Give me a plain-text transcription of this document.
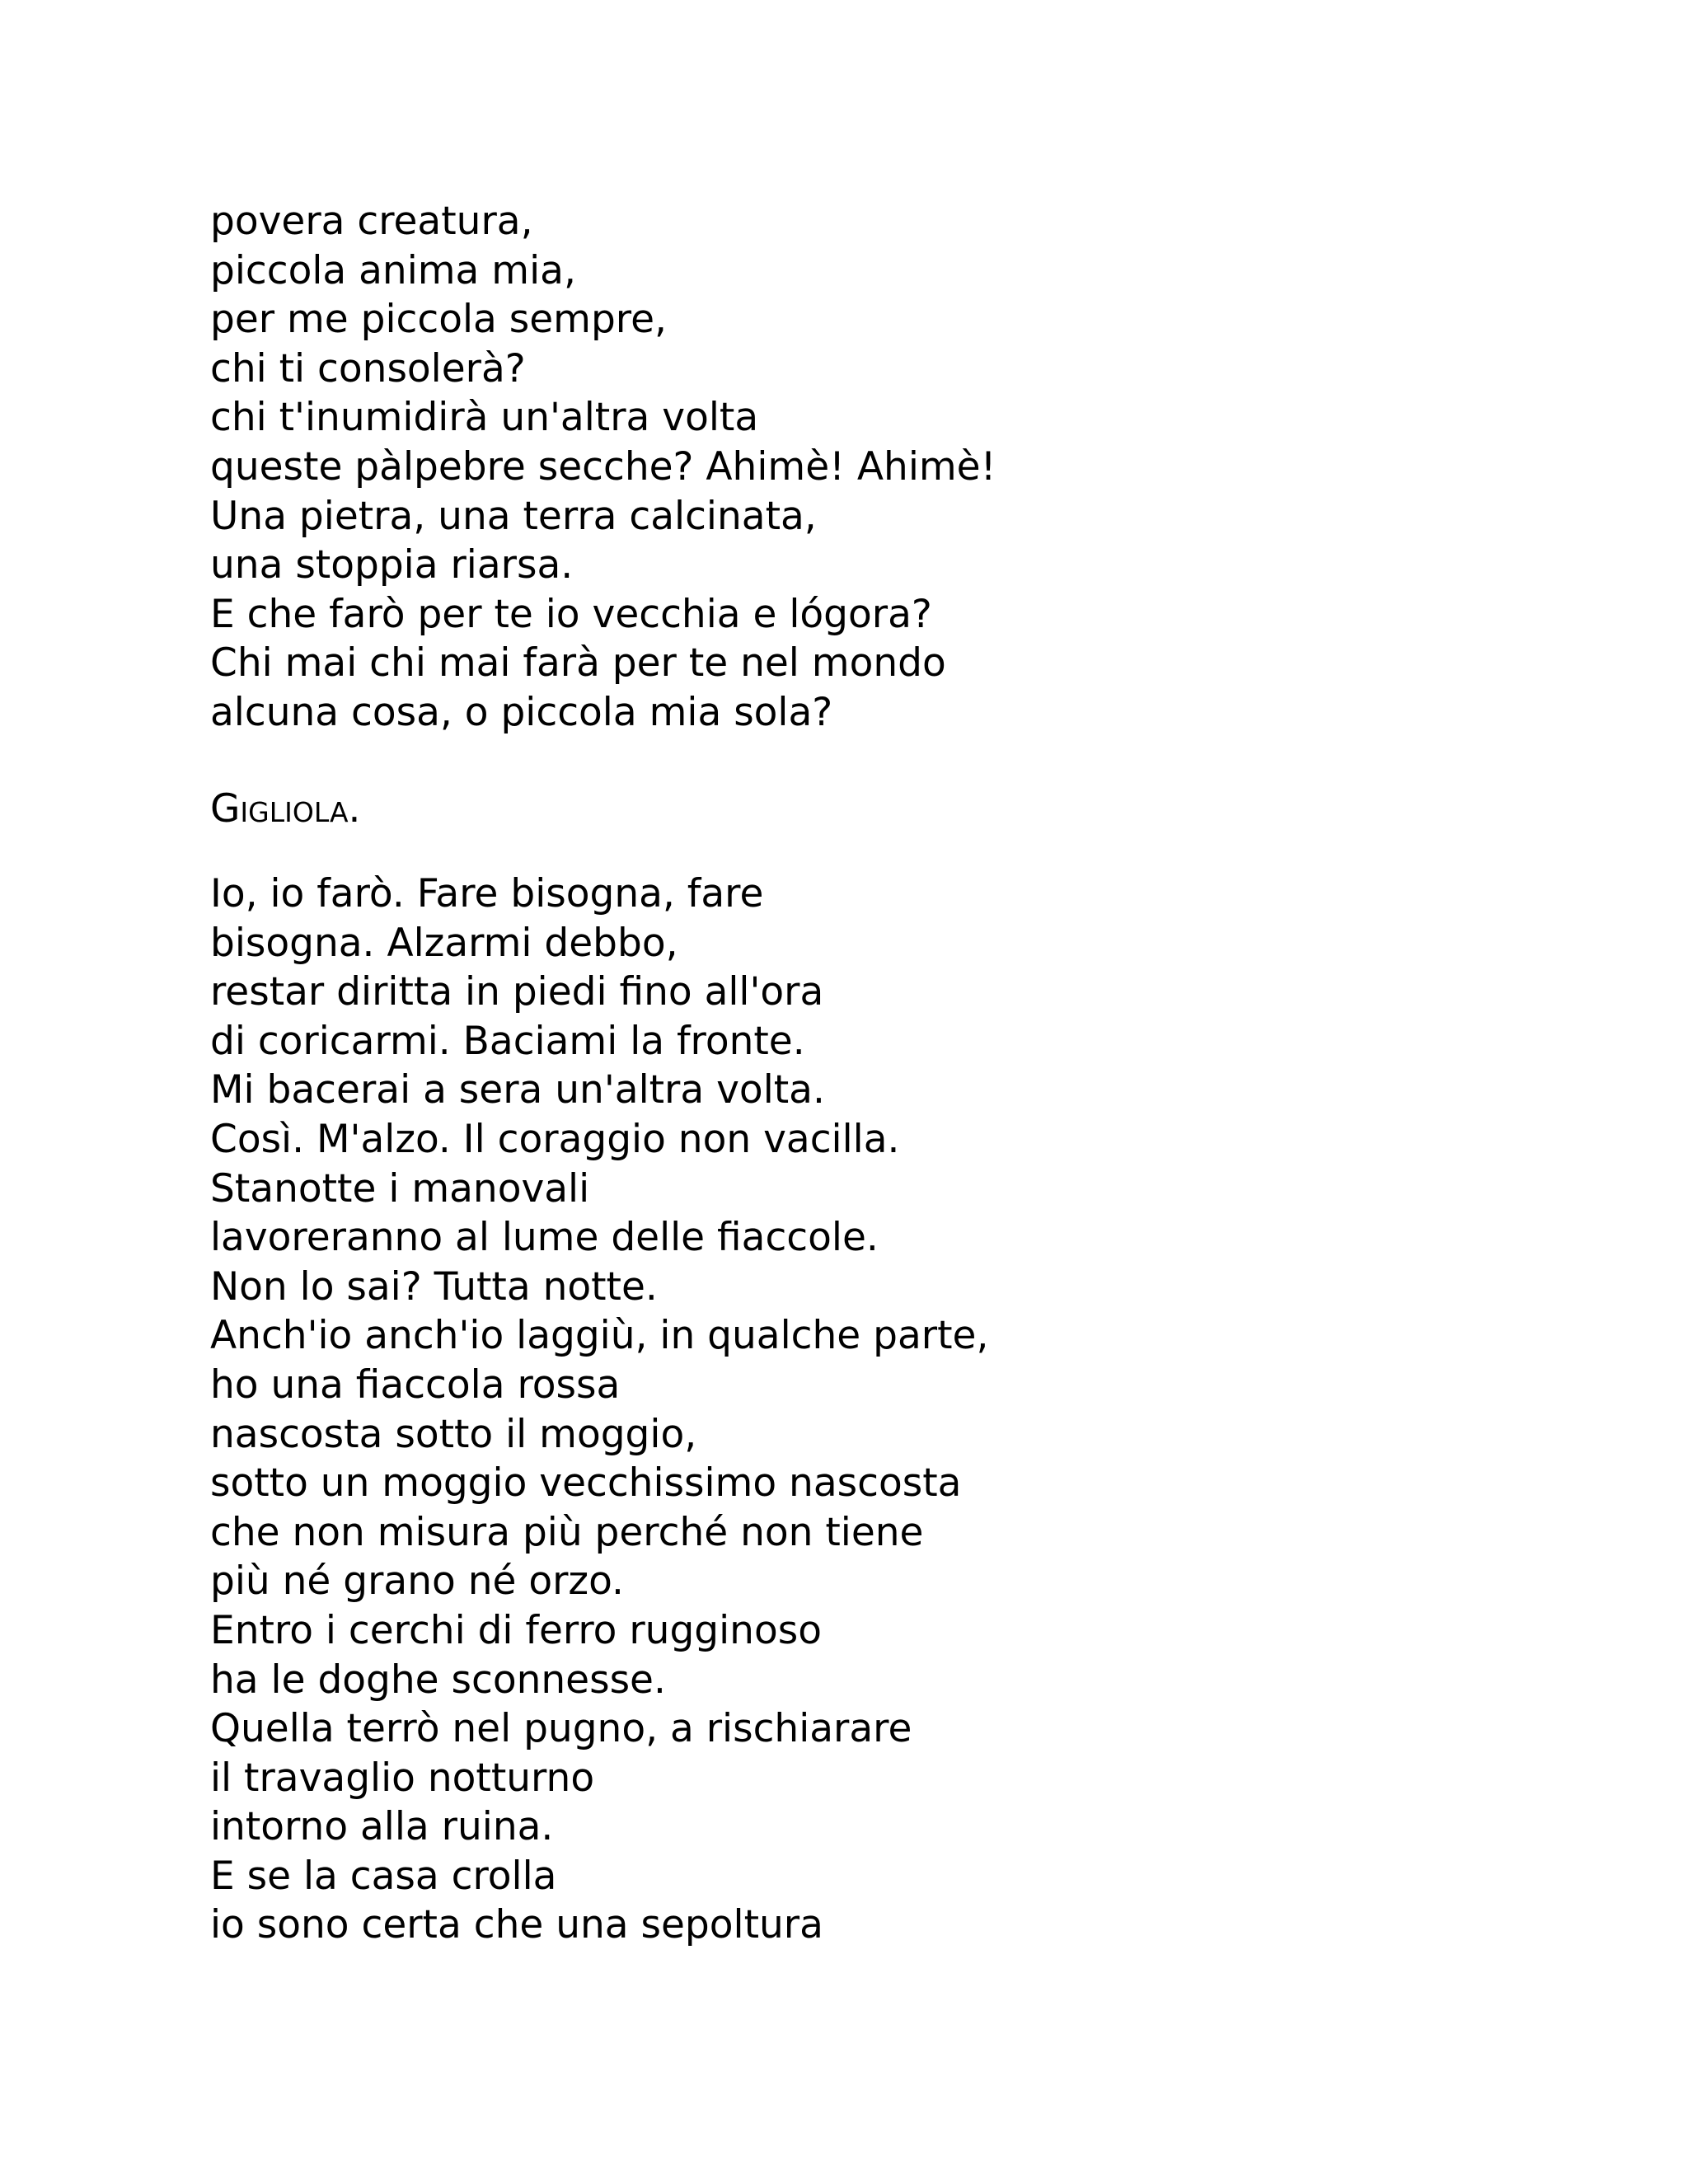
povera creatura,
piccola anima mia,
per me piccola sempre,
chi ti consolerà?
chi t'inumidirà un'altra volta
queste pàlpebre secche? Ahimè! Ahimè!
Una pietra, una terra calcinata,
una stoppia riarsa.
E che farò per te io vecchia e lógora?
Chi mai chi mai farà per te nel mondo
alcuna cosa, o piccola mia sola?
Gigliola.
Io, io farò. Fare bisogna, fare
bisogna. Alzarmi debbo,
restar diritta in piedi fino all'ora
di coricarmi. Baciami la fronte.
Mi bacerai a sera un'altra volta.
Così. M'alzo. Il coraggio non vacilla.
Stanotte i manovali
lavoreranno al lume delle fiaccole.
Non lo sai? Tutta notte.
Anch'io anch'io laggiù, in qualche parte,
ho una fiaccola rossa
nascosta sotto il moggio,
sotto un moggio vecchissimo nascosta
che non misura più perché non tiene
più né grano né orzo.
Entro i cerchi di ferro rugginoso
ha le doghe sconnesse.
Quella terrò nel pugno, a rischiarare
il travaglio notturno
intorno alla ruina.
E se la casa crolla
io sono certa che una sepoltura
